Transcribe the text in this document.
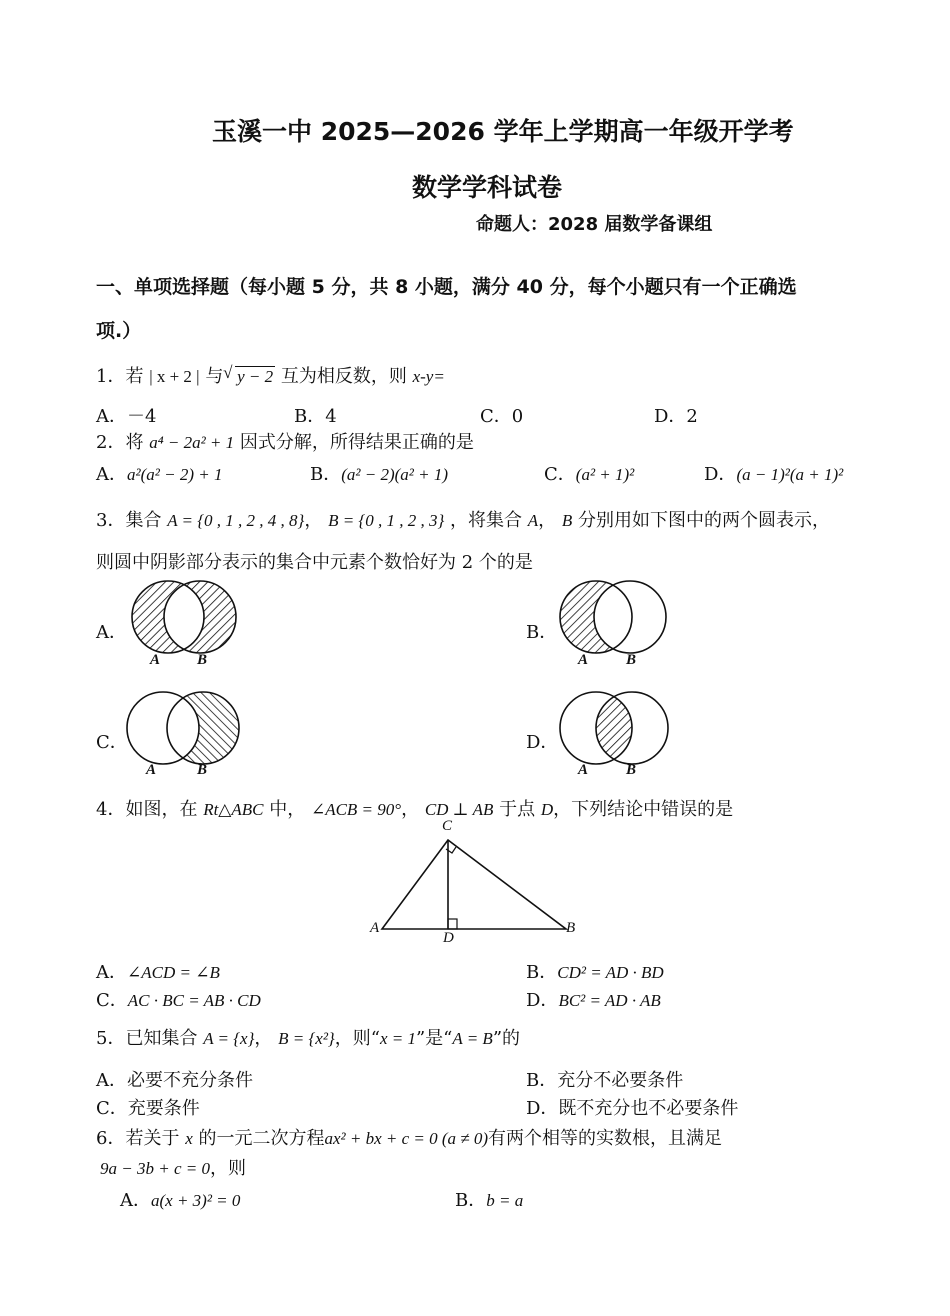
玉溪一中 2025—2026 学年上学期高一年级开学考
数学学科试卷
命题人：2028 届数学备课组
一、单项选择题（每小题 5 分，共 8 小题，满分 40 分，每个小题只有一个正确选
项.）
1．若 | x + 2 | 与 √ y − 2 互为相反数，则 x-y=
A．－4	B．4	C．0	D．2
2．将 a⁴ − 2a² + 1 因式分解，所得结果正确的是
A．a²(a² − 2) + 1	B．(a² − 2)(a² + 1)	C．(a² + 1)²	D．(a − 1)²(a + 1)²
3．集合 A = {0 , 1 , 2 , 4 , 8}， B = {0 , 1 , 2 , 3} ，将集合 A， B 分别用如下图中的两个圆表示，
则圆中阴影部分表示的集合中元素个数恰好为 2 个的是
A．
A B
B．
A	B
C．
A	B
D．
A	B
4．如图，在 Rt△ABC 中， ∠ACB = 90°， CD ⊥ AB 于点 D，下列结论中错误的是
C
A
D
B
A．∠ACD = ∠B	B．CD² = AD · BD
C．AC · BC = AB · CD	D．BC² = AD · AB
5．已知集合 A = {x}， B = {x²}，则“x = 1”是“A = B”的
A．必要不充分条件	B．充分不必要条件
C．充要条件	D．既不充分也不必要条件
6．若关于 x 的一元二次方程ax² + bx + c = 0 (a ≠ 0)有两个相等的实数根，且满足
9a − 3b + c = 0，则
A．a(x + 3)² = 0	B．b = a
